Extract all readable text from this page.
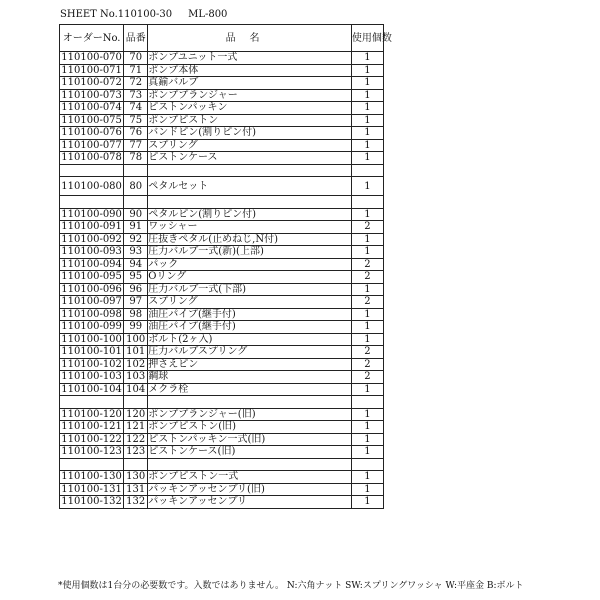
SHEET No.110100-30 ML-800
オーダーNo.	品番	品名	使用個数
110100-070	70	ポンプユニット一式	1
110100-071	71	ポンプ本体	1
110100-072	72	真鍮バルブ	1
110100-073	73	ポンププランジャー	1
110100-074	74	ピストンパッキン	1
110100-075	75	ポンプピストン	1
110100-076	76	バンドピン(割りピン付)	1
110100-077	77	スプリング	1
110100-078	78	ピストンケース	1

110100-080	80	ペタルセット	1

110100-090	90	ペタルピン(割りピン付)	1
110100-091	91	ワッシャー	2
110100-092	92	圧抜きペタル(止めねじ,N付)	1
110100-093	93	圧力バルブ一式(新)(上部)	1
110100-094	94	パック	2
110100-095	95	Oリング	2
110100-096	96	圧力バルブ一式(下部)	1
110100-097	97	スプリング	2
110100-098	98	油圧パイプ(継手付)	1
110100-099	99	油圧パイプ(継手付)	1
110100-100	100	ボルト(2ヶ入)	1
110100-101	101	圧力バルブスプリング	2
110100-102	102	押さえピン	2
110100-103	103	鋼球	2
110100-104	104	メクラ栓	1

110100-120	120	ポンププランジャー(旧)	1
110100-121	121	ポンプピストン(旧)	1
110100-122	122	ピストンパッキン一式(旧)	1
110100-123	123	ピストンケース(旧)	1

110100-130	130	ポンプピストン一式	1
110100-131	131	パッキンアッセンブリ(旧)	1
110100-132	132	パッキンアッセンブリ	1
*使用個数は1台分の必要数です。入数ではありません。 N:六角ナット SW:スプリングワッシャ W:平座金 B:ボルト
